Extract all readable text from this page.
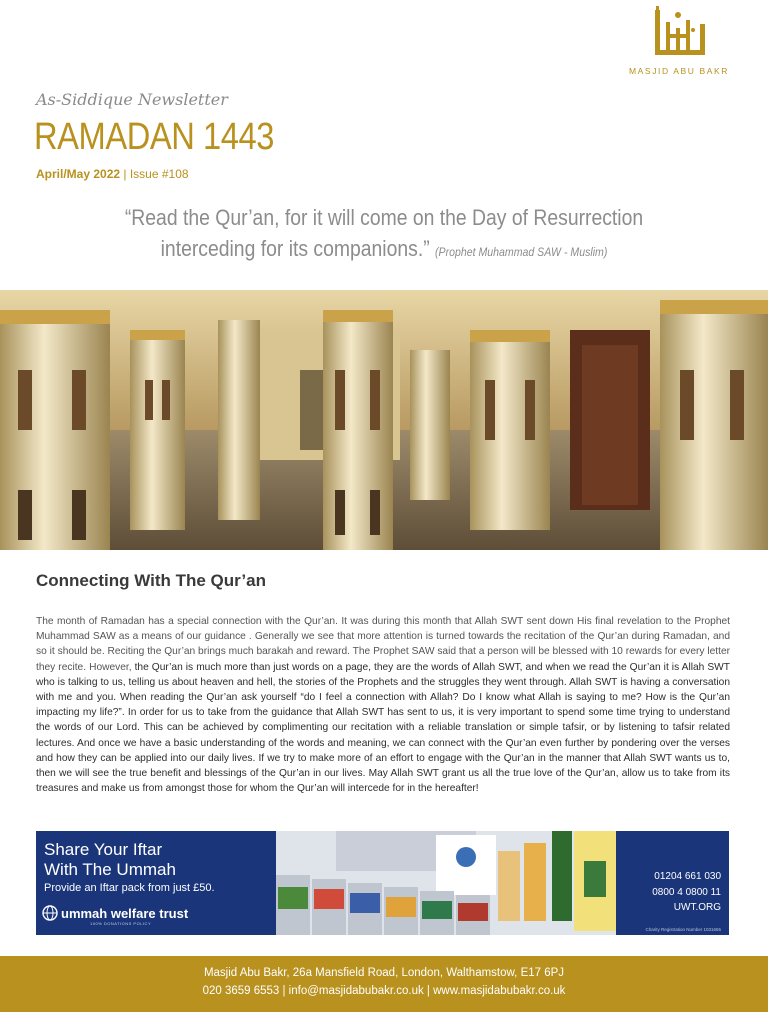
MASJID ABU BAKR
As-Siddique Newsletter
RAMADAN 1443
April/May 2022 | Issue #108
“Read the Qur’an, for it will come on the Day of Resurrection interceding for its companions.” (Prophet Muhammad SAW - Muslim)
Connecting With The Qur’an
The month of Ramadan has a special connection with the Qur’an. It was during this month that Allah SWT sent down His final revelation to the Prophet Muhammad SAW as a means of our guidance . Generally we see that more attention is turned towards the recitation of the Qur’an during Ramadan, and so it should be. Reciting the Qur’an brings much barakah and reward. The Prophet SAW said that a person will be blessed with 10 rewards for every letter they recite. However, the Qur’an is much more than just words on a page, they are the words of Allah SWT, and when we read the Qur’an it is Allah SWT who is talking to us, telling us about heaven and hell, the stories of the Prophets and the struggles they went through. Allah SWT is having a conversation with me and you. When reading the Qur’an ask yourself “do I feel a connection with Allah? Do I know what Allah is saying to me? How is the Qur’an impacting my life?”. In order for us to take from the guidance that Allah SWT has sent to us, it is very important to spend some time trying to understand the words of our Lord. This can be achieved by complimenting our recitation with a reliable translation or simple tafsir, or by listening to tafsir related lectures. And once we have a basic understanding of the words and meaning, we can connect with the Qur’an even further by pondering over the verses and how they can be applied into our daily lives. If we try to make more of an effort to engage with the Qur’an in the manner that Allah SWT wants us to, then we will see the true benefit and blessings of the Qur’an in our lives. May Allah SWT grant us all the true love of the Qur’an, allow us to take from its treasures and make us from amongst those for whom the Qur’an will intercede for in the hereafter!
Share Your Iftar
With The Ummah
Provide an Iftar pack from just £50.
ummah welfare trust
100% DONATIONS POLICY
01204 661 030
0800 4 0800 11
UWT.ORG
Charity Registration Number 1031665
Masjid Abu Bakr, 26a Mansfield Road, London, Walthamstow, E17 6PJ
020 3659 6553 | info@masjidabubakr.co.uk | www.masjidabubakr.co.uk
